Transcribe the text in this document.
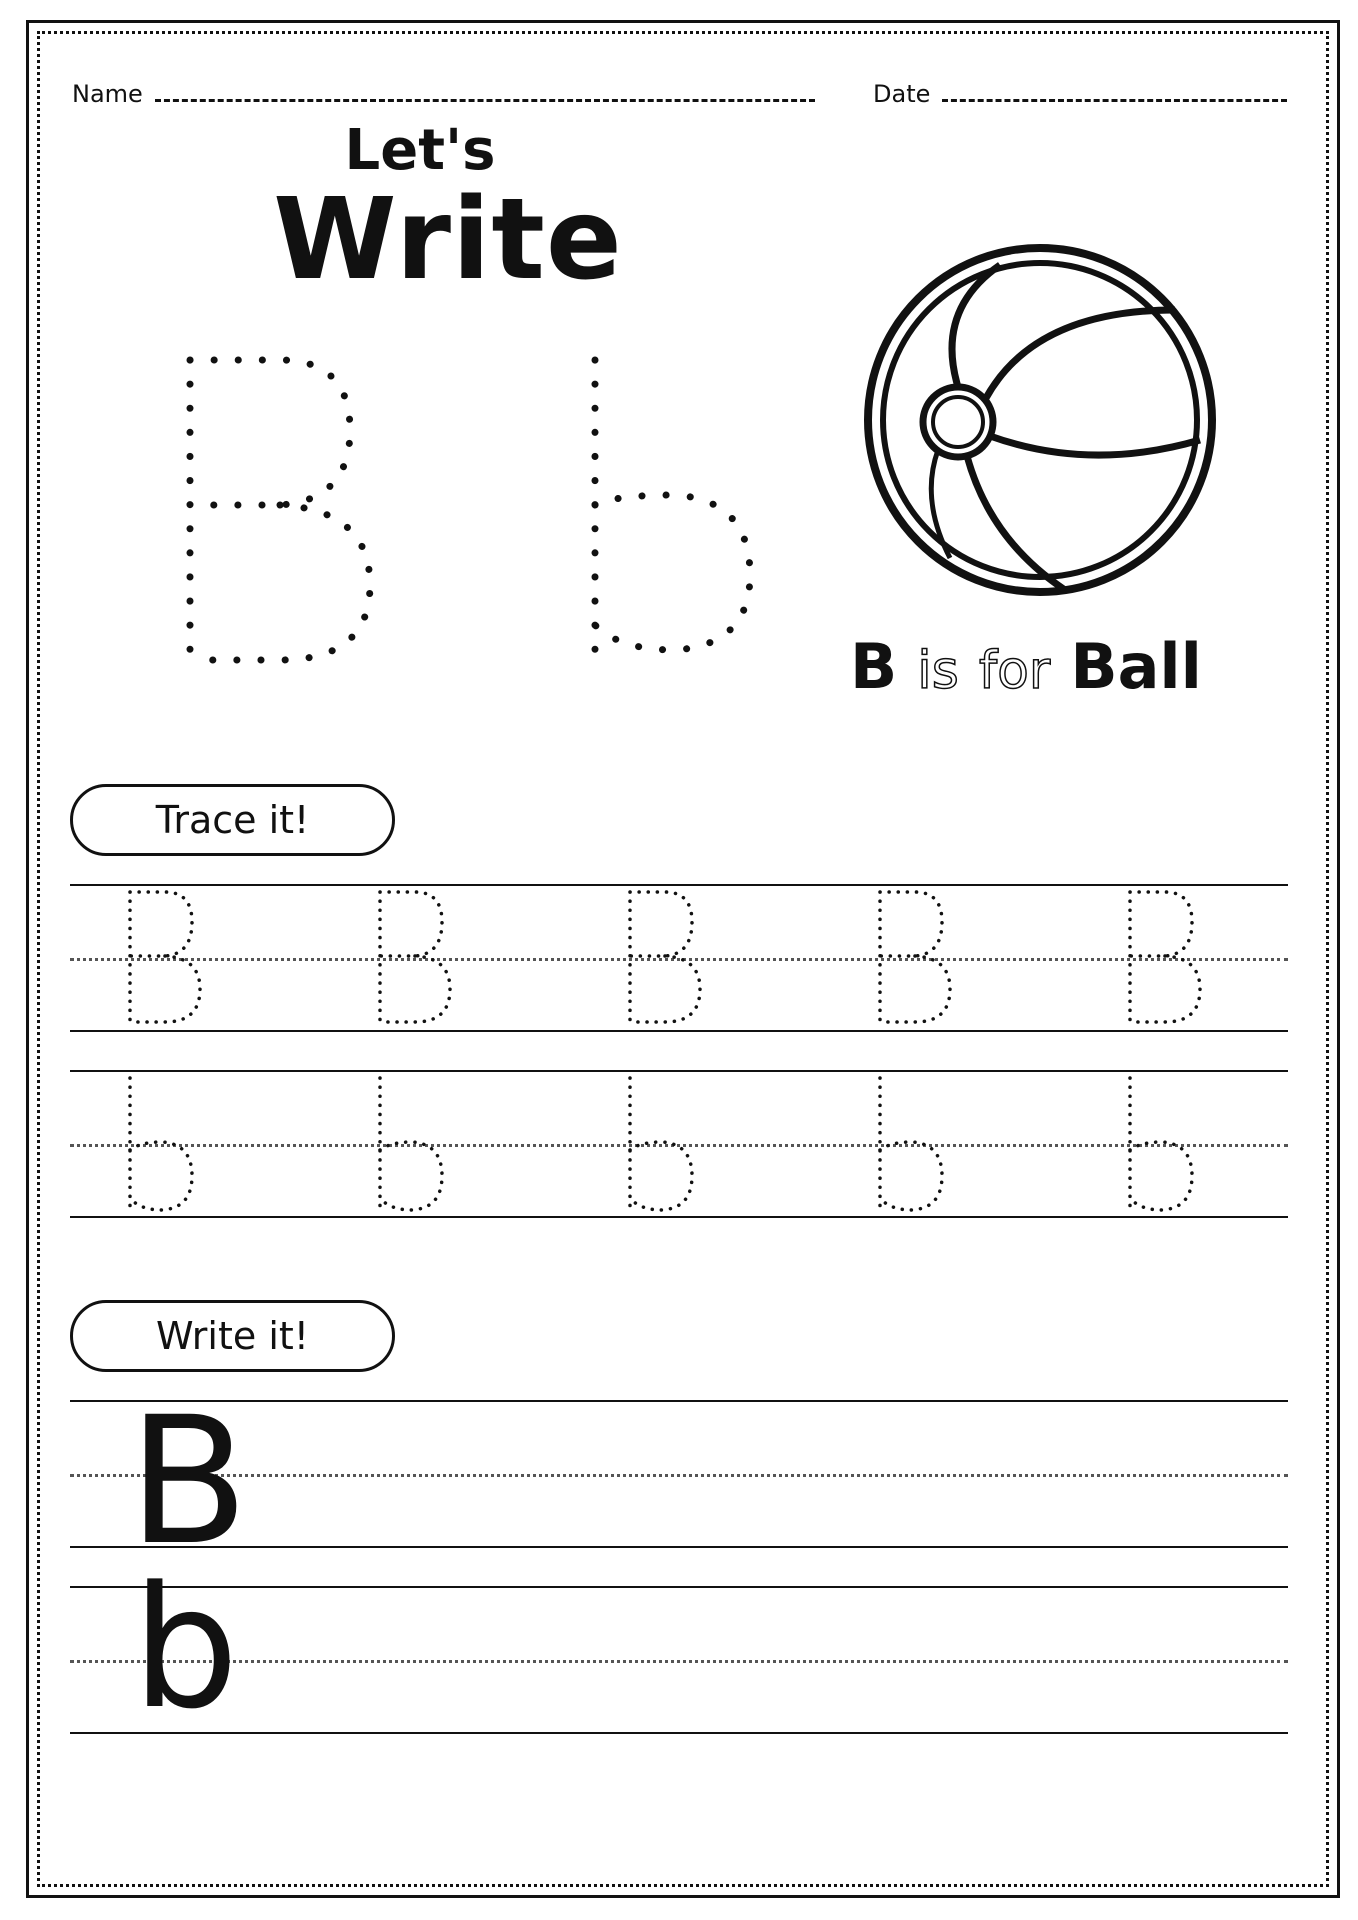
Name	Date
Let's
Write
B is for Ball
Trace it!
Write it!
B
b
